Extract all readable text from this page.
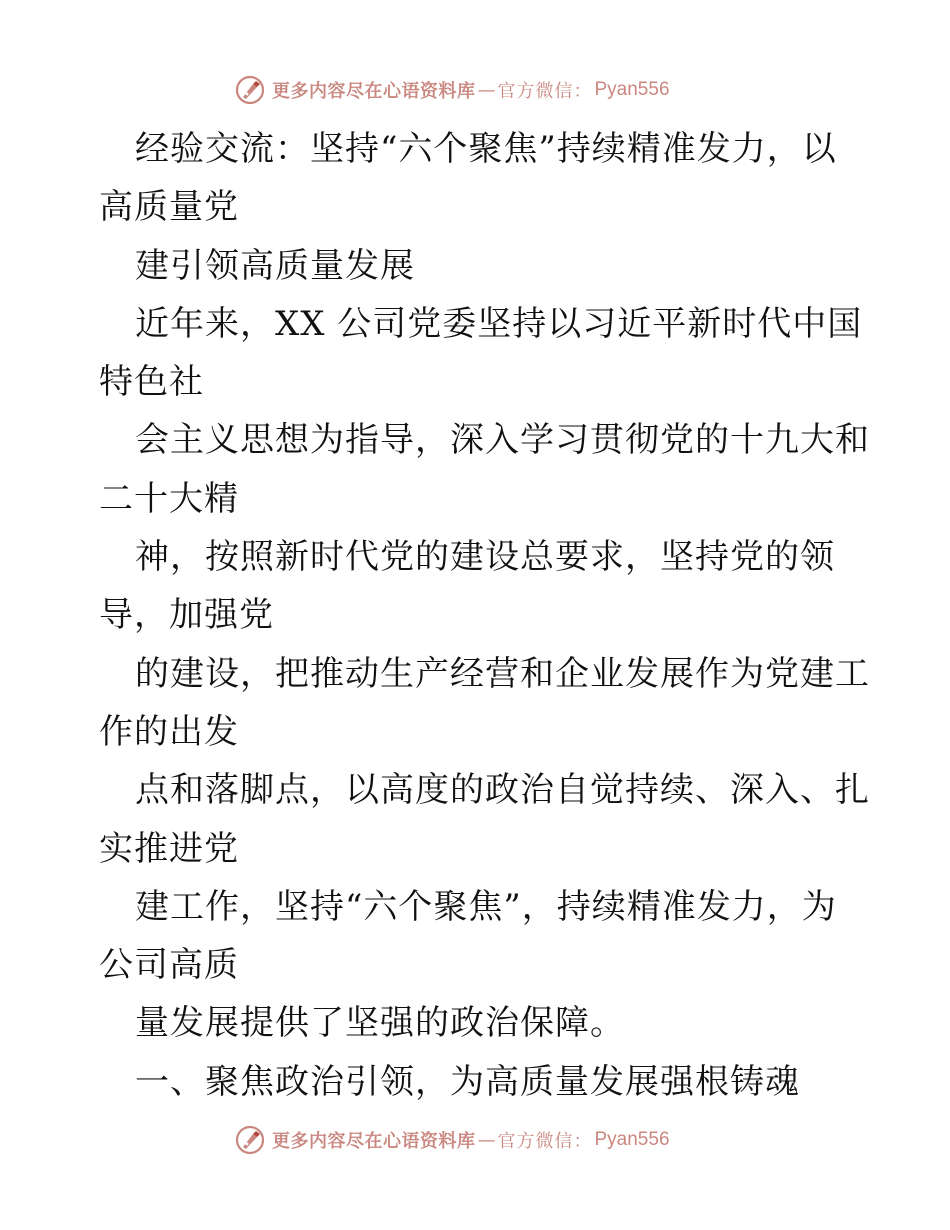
更多内容尽在心语资料库 — 官方微信： Pyan556
经验交流：坚持“六个聚焦”持续精准发力，以
高质量党
建引领高质量发展
近年来，XX 公司党委坚持以习近平新时代中国
特色社
会主义思想为指导，深入学习贯彻党的十九大和
二十大精
神，按照新时代党的建设总要求，坚持党的领
导，加强党
的建设，把推动生产经营和企业发展作为党建工
作的出发
点和落脚点，以高度的政治自觉持续、深入、扎
实推进党
建工作，坚持“六个聚焦”，持续精准发力，为
公司高质
量发展提供了坚强的政治保障。
一、聚焦政治引领，为高质量发展强根铸魂
更多内容尽在心语资料库 — 官方微信： Pyan556
